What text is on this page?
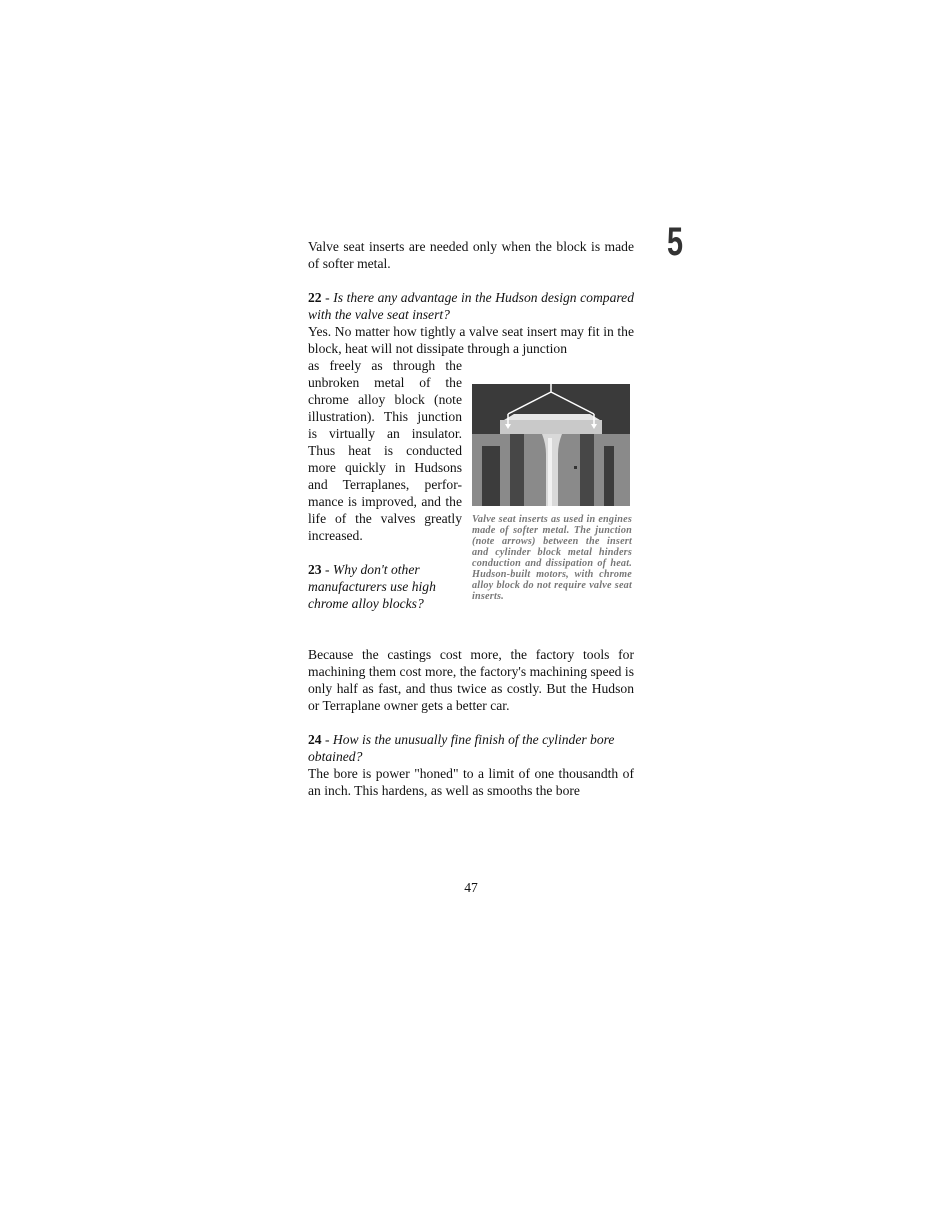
5

Valve seat inserts are needed only when the block is made of softer metal.

22 - Is there any advantage in the Hudson design compared with the valve seat insert?

Yes. No matter how tightly a valve seat insert may fit in the block, heat will not dissipate through a junction

as freely as through the unbroken metal of the chrome alloy block (note illustration). This junction is virtually an insulator. Thus heat is conducted more quickly in Hudsons and Terraplanes, perfor-mance is improved, and the life of the valves greatly increased.

23 - Why don't other manufacturers use high chrome alloy blocks?

Because the castings cost more, the factory tools for machining them cost more, the factory's machining speed is only half as fast, and thus twice as costly. But the Hudson or Terraplane owner gets a better car.

24 - How is the unusually fine finish of the cylinder bore obtained?

The bore is power "honed" to a limit of one thousandth of an inch. This hardens, as well as smooths the bore

Valve seat inserts as used in engines made of softer metal. The junction (note arrows) between the insert and cylinder block metal hinders conduction and dissipation of heat. Hudson-built motors, with chrome alloy block do not require valve seat inserts.
47
